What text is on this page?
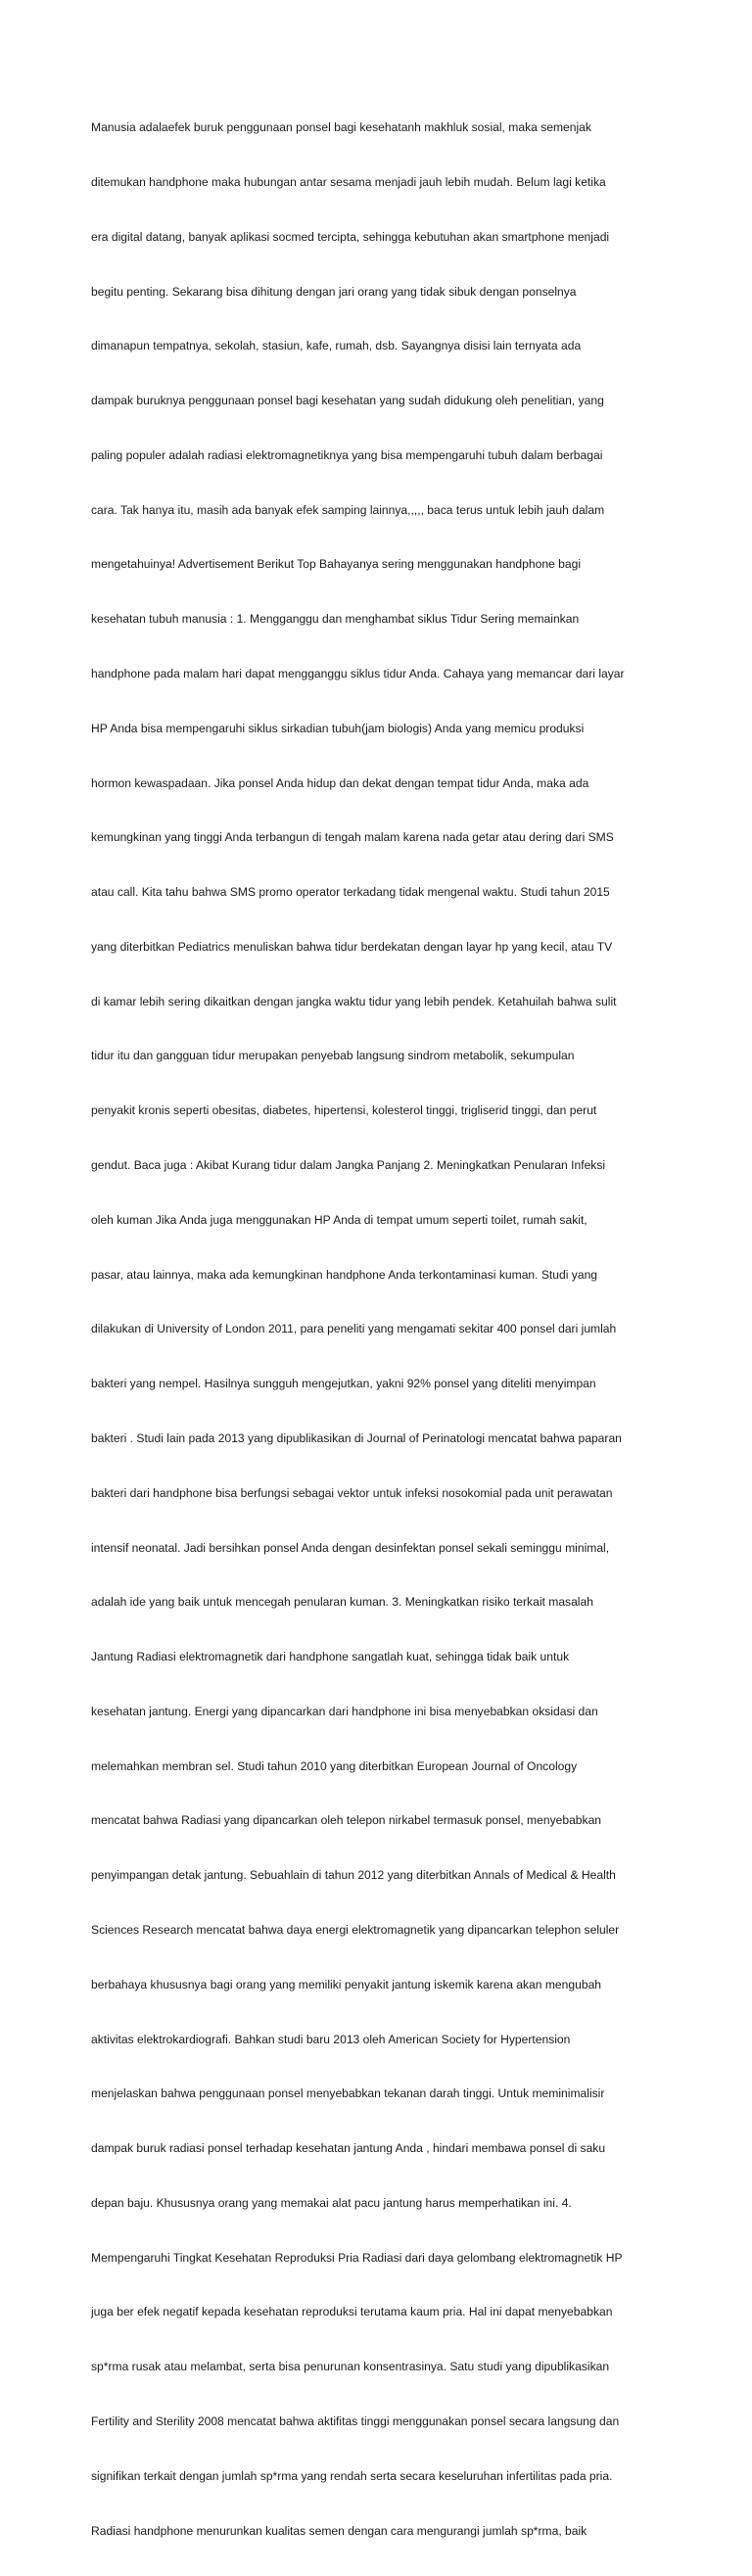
Manusia adalaefek buruk penggunaan ponsel bagi kesehatanh makhluk sosial, maka semenjak

ditemukan handphone maka hubungan antar sesama menjadi jauh lebih mudah. Belum lagi ketika

era digital datang, banyak aplikasi socmed tercipta, sehingga kebutuhan akan smartphone menjadi

begitu penting. Sekarang bisa dihitung dengan jari orang yang tidak sibuk dengan ponselnya

dimanapun tempatnya, sekolah, stasiun, kafe, rumah, dsb. Sayangnya disisi lain ternyata ada

dampak buruknya penggunaan ponsel bagi kesehatan yang sudah didukung oleh penelitian, yang

paling populer adalah radiasi elektromagnetiknya yang bisa mempengaruhi tubuh dalam berbagai

cara. Tak hanya itu, masih ada banyak efek samping lainnya,,,,, baca terus untuk lebih jauh dalam

mengetahuinya! Advertisement Berikut Top Bahayanya sering menggunakan handphone bagi

kesehatan tubuh manusia : 1. Mengganggu dan menghambat siklus Tidur Sering memainkan

handphone pada malam hari dapat mengganggu siklus tidur Anda. Cahaya yang memancar dari layar

HP Anda bisa mempengaruhi siklus sirkadian tubuh(jam biologis) Anda yang memicu produksi

hormon kewaspadaan. Jika ponsel Anda hidup dan dekat dengan tempat tidur Anda, maka ada

kemungkinan yang tinggi Anda terbangun di tengah malam karena nada getar atau dering dari SMS

atau call. Kita tahu bahwa SMS promo operator terkadang tidak mengenal waktu. Studi tahun 2015

yang diterbitkan Pediatrics menuliskan bahwa tidur berdekatan dengan layar hp yang kecil, atau TV

di kamar lebih sering dikaitkan dengan jangka waktu tidur yang lebih pendek. Ketahuilah bahwa sulit

tidur itu dan gangguan tidur merupakan penyebab langsung sindrom metabolik, sekumpulan

penyakit kronis seperti obesitas, diabetes, hipertensi, kolesterol tinggi, trigliserid tinggi, dan perut

gendut. Baca juga : Akibat Kurang tidur dalam Jangka Panjang 2. Meningkatkan Penularan Infeksi

oleh kuman Jika Anda juga menggunakan HP Anda di tempat umum seperti toilet, rumah sakit,

pasar, atau lainnya, maka ada kemungkinan handphone Anda terkontaminasi kuman. Studi yang

dilakukan di University of London 2011, para peneliti yang mengamati sekitar 400 ponsel dari jumlah

bakteri yang nempel. Hasilnya sungguh mengejutkan, yakni 92% ponsel yang diteliti menyimpan

bakteri . Studi lain pada 2013 yang dipublikasikan di Journal of Perinatologi mencatat bahwa paparan

bakteri dari handphone bisa berfungsi sebagai vektor untuk infeksi nosokomial pada unit perawatan

intensif neonatal. Jadi bersihkan ponsel Anda dengan desinfektan ponsel sekali seminggu minimal,

adalah ide yang baik untuk mencegah penularan kuman. 3. Meningkatkan risiko terkait masalah

Jantung Radiasi elektromagnetik dari handphone sangatlah kuat, sehingga tidak baik untuk

kesehatan jantung. Energi yang dipancarkan dari handphone ini bisa menyebabkan oksidasi dan

melemahkan membran sel. Studi tahun 2010 yang diterbitkan European Journal of Oncology

mencatat bahwa Radiasi yang dipancarkan oleh telepon nirkabel termasuk ponsel, menyebabkan

penyimpangan detak jantung. Sebuahlain di tahun 2012 yang diterbitkan Annals of Medical & Health

Sciences Research mencatat bahwa daya energi elektromagnetik yang dipancarkan telephon seluler

berbahaya khususnya bagi orang yang memiliki penyakit jantung iskemik karena akan mengubah

aktivitas elektrokardiografi. Bahkan studi baru 2013 oleh American Society for Hypertension

menjelaskan bahwa penggunaan ponsel menyebabkan tekanan darah tinggi. Untuk meminimalisir

dampak buruk radiasi ponsel terhadap kesehatan jantung Anda , hindari membawa ponsel di saku

depan baju. Khususnya orang yang memakai alat pacu jantung harus memperhatikan ini. 4.

Mempengaruhi Tingkat Kesehatan Reproduksi Pria Radiasi dari daya gelombang elektromagnetik HP

juga ber efek negatif kepada kesehatan reproduksi terutama kaum pria. Hal ini dapat menyebabkan

sp*rma rusak atau melambat, serta bisa penurunan konsentrasinya. Satu studi yang dipublikasikan

Fertility and Sterility 2008 mencatat bahwa aktifitas tinggi menggunakan ponsel secara langsung dan

signifikan terkait dengan jumlah sp*rma yang rendah serta secara keseluruhan infertilitas pada pria.

Radiasi handphone menurunkan kualitas semen dengan cara mengurangi jumlah sp*rma, baik
